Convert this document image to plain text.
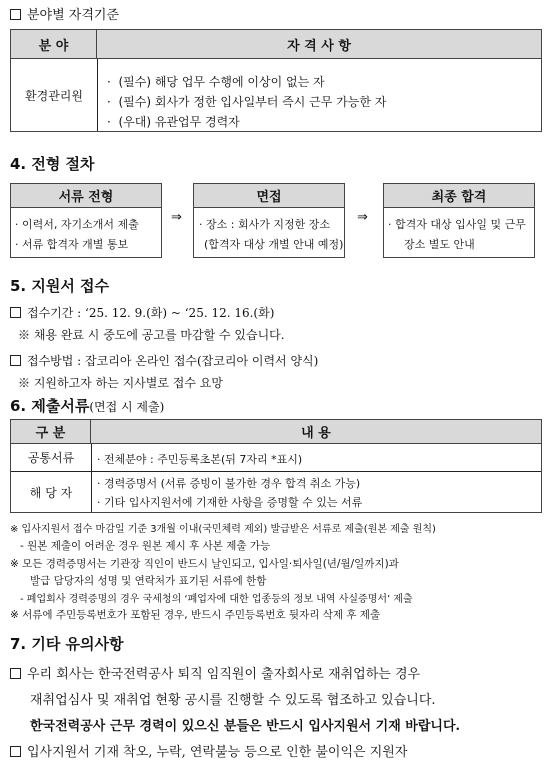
분야별 자격기준
분 야	자 격 사 항
환경관리원
·  (필수) 해당 업무 수행에 이상이 없는 자
·  (필수) 회사가 정한 입사일부터 즉시 근무 가능한 자
·  (우대) 유관업무 경력자
4. 전형 절차
서류 전형
· 이력서, 자기소개서 제출
· 서류 합격자 개별 통보
⇒
면접
· 장소 : 회사가 지정한 장소
(합격자 대상 개별 안내 예정)
⇒
최종 합격
· 합격자 대상 입사일 및 근무
장소 별도 안내
5. 지원서 접수
접수기간 : ‘25. 12. 9.(화) ~ ‘25. 12. 16.(화)
※ 채용 완료 시 중도에 공고를 마감할 수 있습니다.
접수방법 : 잡코리아 온라인 접수(잡코리아 이력서 양식)
※ 지원하고자 하는 지사별로 접수 요망
6. 제출서류(면접 시 제출)
구 분	내 용
공통서류	· 전체분야 : 주민등록초본(뒤 7자리 *표시)
해 당 자
· 경력증명서 (서류 증빙이 불가한 경우 합격 취소 가능)
· 기타 입사지원서에 기재한 사항을 증명할 수 있는 서류
※ 입사지원서 접수 마감일 기준 3개월 이내(국민체력 제외) 발급받은 서류로 제출(원본 제출 원칙)
- 원본 제출이 어려운 경우 원본 제시 후 사본 제출 가능
※ 모든 경력증명서는 기관장 직인이 반드시 날인되고, 입사일·퇴사일(년/월/일까지)과
발급 담당자의 성명 및 연락처가 표기된 서류에 한함
- 폐업회사 경력증명의 경우 국세청의 ‘폐업자에 대한 업종등의 정보 내역 사실증명서’ 제출
※ 서류에 주민등록번호가 포함된 경우, 반드시 주민등록번호 뒷자리 삭제 후 제출
7. 기타 유의사항
우리 회사는 한국전력공사 퇴직 임직원이 출자회사로 재취업하는 경우
재취업심사 및 재취업 현황 공시를 진행할 수 있도록 협조하고 있습니다.
한국전력공사 근무 경력이 있으신 분들은 반드시 입사지원서 기재 바랍니다.
입사지원서 기재 착오, 누락, 연락불능 등으로 인한 불이익은 지원자
